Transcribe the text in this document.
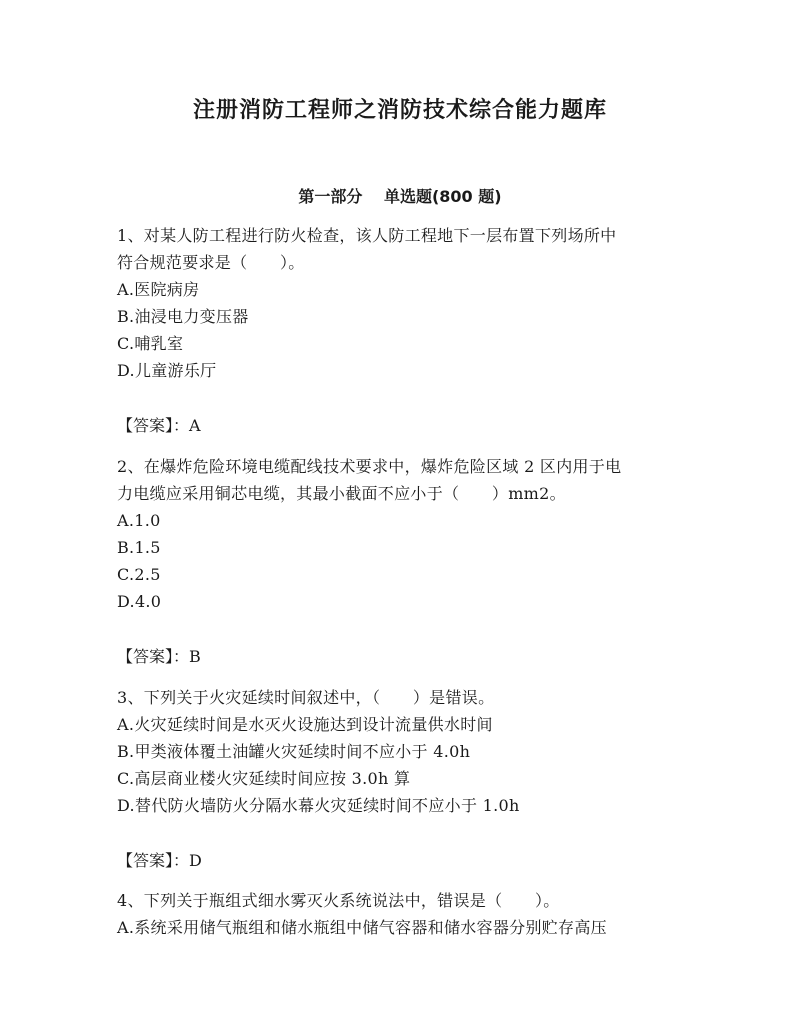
注册消防工程师之消防技术综合能力题库
第一部分　 单选题(800 题)
1、对某人防工程进行防火检查，该人防工程地下一层布置下列场所中
符合规范要求是（　　）。
A.医院病房
B.油浸电力变压器
C.哺乳室
D.儿童游乐厅
【答案】：A
2、在爆炸危险环境电缆配线技术要求中，爆炸危险区域 2 区内用于电
力电缆应采用铜芯电缆，其最小截面不应小于（　　）mm2。
A.1.0
B.1.5
C.2.5
D.4.0
【答案】：B
3、下列关于火灾延续时间叙述中，（　　）是错误。
A.火灾延续时间是水灭火设施达到设计流量供水时间
B.甲类液体覆土油罐火灾延续时间不应小于 4.0h
C.高层商业楼火灾延续时间应按 3.0h 算
D.替代防火墙防火分隔水幕火灾延续时间不应小于 1.0h
【答案】：D
4、下列关于瓶组式细水雾灭火系统说法中，错误是（　　）。
A.系统采用储气瓶组和储水瓶组中储气容器和储水容器分别贮存高压
